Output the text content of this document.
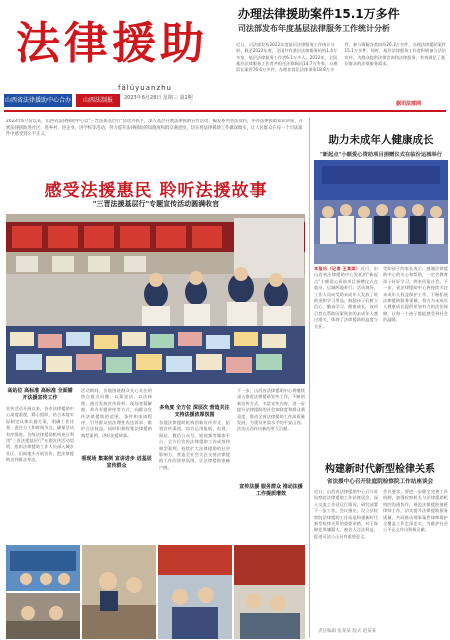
法律援助
fălüyuanzhu
山西省法律援助中心合办	山西法制报	2023年6月28日 星期三 第1期
办理法律援助案件15.1万多件
司法部发布年度基层法律服务工作统计分析
近日，司法部发布2022年度基层法律服务工作统计分析。截至2022年底，全国共有基层法律服务机构1.4万多家，基层法律服务工作者6.1万多人。2022年，全国基层法律服务工作者共担任法律顾问14.7万多家，办理诉讼案件76.6万多件，办理非诉讼法律事务18.8万多件，参与调解各类纠纷26.3万多件，办理法律援助案件15.1万多件。同时，基层法律服务工作者积极参与法治宣传，为群众提供法律咨询和法律服务，有效满足了基层群众的法律服务需求。
据司法部网
2023年6月份以来，山西省法律援助中心以"三晋法援基层行"活动为抓手，深入基层开展法律援助宣传活动，编发系列普法资料，举办法律援助知识讲座，开展法律援助进社区、进乡村、进企业、进学校等活动，努力提升法律援助的知晓度和群众满意度，切实将法律援助工作做深做实，让人民群众在每一个司法案件中感受到公平正义。
感受法援惠民 聆听法援故事
"三晋法援基层行"专题宣传活动圆满收官
高站位 高标准 高标准 全面铺开法援宣传工作
宣传活动开展以来，各市法律援助中心高度重视，精心组织，结合本地实际制定具体实施方案，明确工作任务、责任分工和时间节点，确保活动有序推进。各级法律援助机构充分利用"三晋法援基层行"专题宣传活动契机，组织法律援助工作人员深入城乡社区、田间地头开展宣传，把法律援助送到群众身边。
活动期间，各地围绕群众关心关注的热点难点问题，以案说法、以法释理，通过发放宣传资料、现场答疑解惑、举办专题讲座等方式，向群众宣传法律援助的范围、条件和申请程序，引导群众依法理性表达诉求、维护合法权益。同时积极收集法律援助典型案例，讲好法援故事。
看现场 集案例 宣讲进步 进基层宣传群众
多角度 全方位 深层次 营造关注支持法援浓厚氛围
各地法律援助机构创新宣传形式，拓宽宣传渠道，综合运用报纸、电视、网站、微信公众号、短视频等媒体平台，全方位宣传法律援助工作成效和典型案例，持续扩大法律援助的社会影响力，营造全社会关注支持法律援助工作的浓厚氛围，让法律援助家喻户晓。
下一步，山西省法律援助中心将继续深入推进法律援助宣传工作，不断创新宣传方式，丰富宣传内容，进一步提升法律援助的社会知晓度和群众满意度，推动全省法律援助工作高质量发展，为建设更高水平的平安山西、法治山西作出新的更大贡献。
宣传法援 服务群众 推动法援工作提质增效
助力未成年人健康成长
"新起点"小额爱心资助项目捐赠仪式在临汾运城举行
本报讯（记者 王某某）近日，由山西省法律援助中心发起的"新起点"小额爱心资助项目捐赠仪式在临汾、运城两地举行。活动现场，工作人员向受助未成年人发放了资助金和学习用品，鼓励孩子们树立信心、勤奋学习、健康成长。该项目旨在帮助因案致贫的未成年人渡过难关，体现了法律援助的温度与关怀。
受助孩子的家长表示，感谢法律援助中心的关心和帮助，一定会教育孩子好好学习，将来回报社会。下一步，省法律援助中心将持续关注未成年人权益保护工作，不断拓展法律援助服务领域，努力为未成年人健康成长提供更加有力的法治保障，让每一个孩子都能感受到社会的温暖。
构建新时代新型检律关系
省法援中心召开驻庭院检察院工作站座谈会
近日，山西省法律援助中心召开驻检察院法律援助工作站座谈会，深入交流工作站运行情况，研究部署下一步工作。会议指出，设立驻检察院法律援助工作站是构建新时代新型检律关系的重要举措，对于保障犯罪嫌疑人、被告人合法权益，促进司法公正具有重要意义。
会议要求，要进一步健全完善工作机制，加强检察机关与法律援助机构的沟通协作，规范法律援助值班律师工作，切实提升法律援助服务质量，共同推动刑事案件律师辩护全覆盖工作走深走实，为维护社会公平正义作出积极贡献。
责任编辑 张某某 版式 赵某某
